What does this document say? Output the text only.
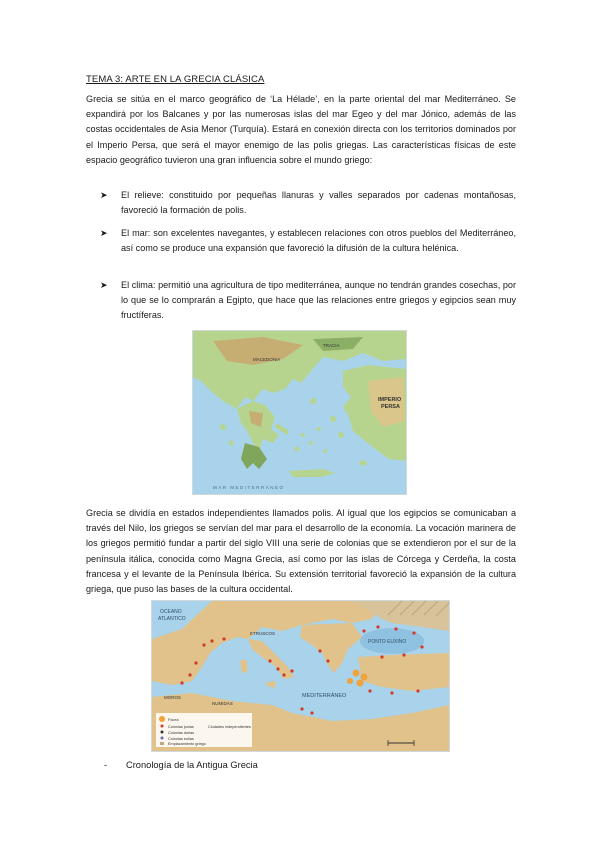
TEMA 3: ARTE EN LA GRECIA CLÁSICA

Grecia se sitúa en el marco geográfico de ‘La Hélade’, en la parte oriental del mar Mediterráneo. Se expandirá por los Balcanes y por las numerosas islas del mar Egeo y del mar Jónico, además de las costas occidentales de Asia Menor (Turquía). Estará en conexión directa con los territorios dominados por el Imperio Persa, que será el mayor enemigo de las polis griegas. Las características físicas de este espacio geográfico tuvieron una gran influencia sobre el mundo griego:

➤ El relieve: constituido por pequeñas llanuras y valles separados por cadenas montañosas, favoreció la formación de polis.
➤ El mar: son excelentes navegantes, y establecen relaciones con otros pueblos del Mediterráneo, así como se produce una expansión que favoreció la difusión de la cultura helénica.
➤ El clima: permitió una agricultura de tipo mediterránea, aunque no tendrán grandes cosechas, por lo que se lo comprarán a Egipto, que hace que las relaciones entre griegos y egipcios sean muy fructíferas.
IMPERIO
PERSA
MACEDONIA
TRACIA
MAR MEDITERRÁNEO

Grecia se dividía en estados independientes llamados polis. Al igual que los egipcios se comunicaban a través del Nilo, los griegos se servían del mar para el desarrollo de la economía. La vocación marinera de los griegos permitió fundar a partir del siglo VIII una serie de colonias que se extendieron por el sur de la península itálica, conocida como Magna Grecia, así como por las islas de Córcega y Cerdeña, la costa francesa y el levante de la Península Ibérica. Su extensión territorial favoreció la expansión de la cultura griega, que puso las bases de la cultura occidental.

OCEANO
ATLANTICO
PONTO EUXINO
MEDITERRÁNEO
MOROS
NUMIDAS
ETRUSCOS
Fócea
Colonias jonias
Colonias dorias
Colonias eolias
Emplazamiento griego
Ciudades independientes
- Cronología de la Antigua Grecia
